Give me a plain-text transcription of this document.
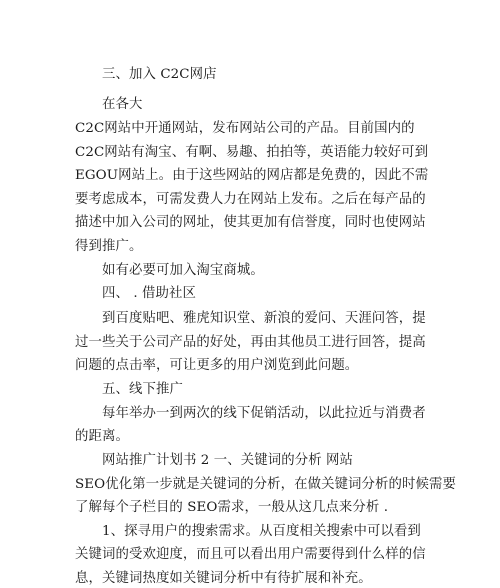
三、加入 C2C网店
在各大
C2C网站中开通网站，发布网站公司的产品。目前国内的
C2C网站有淘宝、有啊、易趣、拍拍等，英语能力较好可到
EGOU网站上。由于这些网站的网店都是免费的，因此不需
要考虑成本，可需发费人力在网站上发布。之后在每产品的
描述中加入公司的网址，使其更加有信誉度，同时也使网站
得到推广。
如有必要可加入淘宝商城。
四、 . 借助社区
到百度贴吧、雅虎知识堂、新浪的爱问、天涯问答，提
过一些关于公司产品的好处，再由其他员工进行回答，提高
问题的点击率，可让更多的用户浏览到此问题。
五、线下推广
每年举办一到两次的线下促销活动，以此拉近与消费者
的距离。
网站推广计划书 2 一、关键词的分析 网站
SEO优化第一步就是关键词的分析，在做关键词分析的时候需要
了解每个子栏目的 SEO需求，一般从这几点来分析 .
1、探寻用户的搜索需求。从百度相关搜索中可以看到
关键词的受欢迎度，而且可以看出用户需要得到什么样的信
息，关键词热度如关键词分析中有待扩展和补充。
